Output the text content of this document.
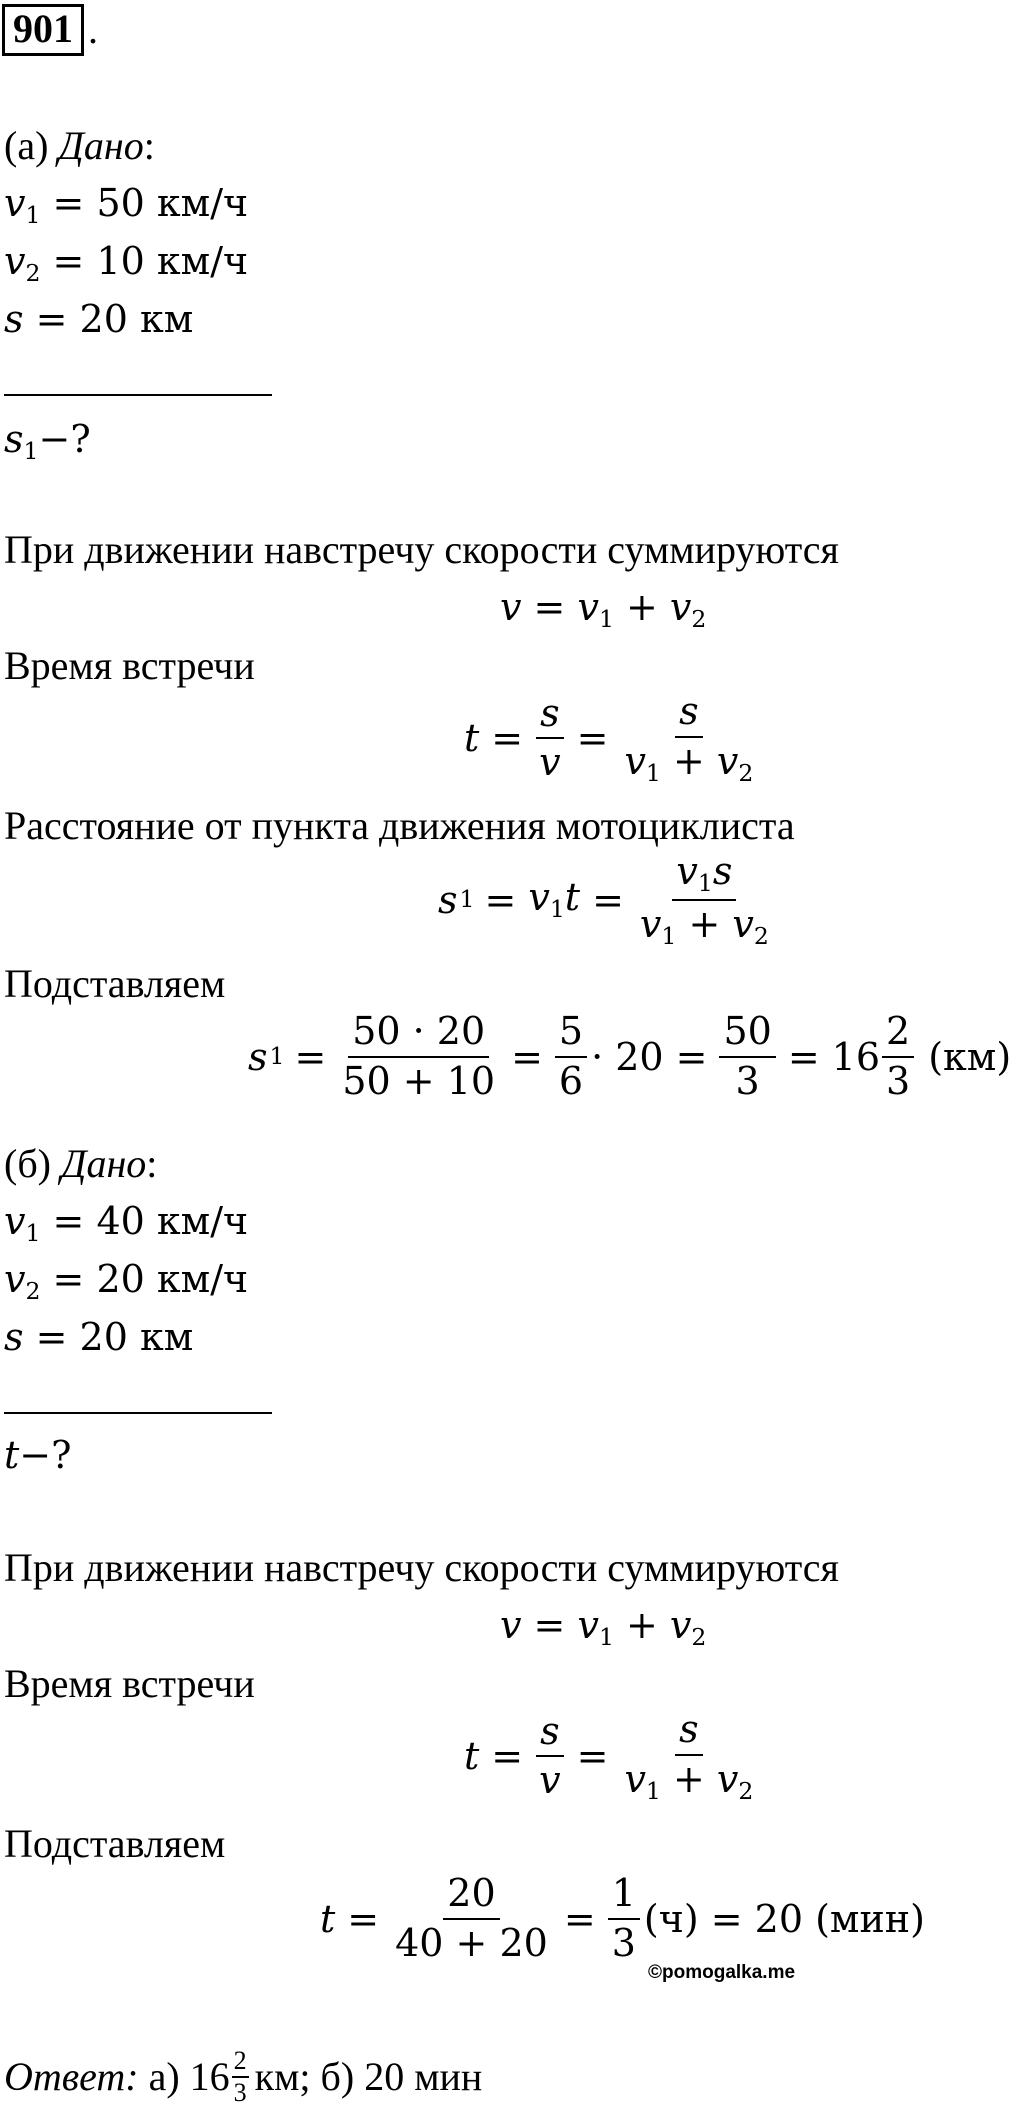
901 .
(а) Дано:
$v_1 = 50$ км/ч
$v_2 = 10$ км/ч
s = 20 км
$s_1-$?
При движении навстречу скорости суммируются
$v = v_1 + v_2$
Время встречи
$t = \frac{s}{v} = \frac{s}{v_1 + v_2}$
Расстояние от пункта движения мотоциклиста
s $1 = v_1t = \frac{v_1s}{v_1 + v_2}$
Подставляем
s $1 = \frac{50 \cdot 20}{50 + 10} = \frac{5}{6} \cdot 20 = \frac{50}{3} = 16 \frac{2}{3} (км)$
(б) Дано:
$v_1 = 40$ км/ч
$v_2 = 20$ км/ч
s = 20 км
t−?
При движении навстречу скорости суммируются
$v = v_1 + v_2$
Время встречи
$t = \frac{s}{v} = \frac{s}{v_1 + v_2}$
Подставляем
$t = \frac{20}{40 + 20} = \frac{1}{3} (ч) = 20$ (мин)
©pomogalka.me
Ответ: а) $16 \frac{2}{3}$ км; б) 20 мин
